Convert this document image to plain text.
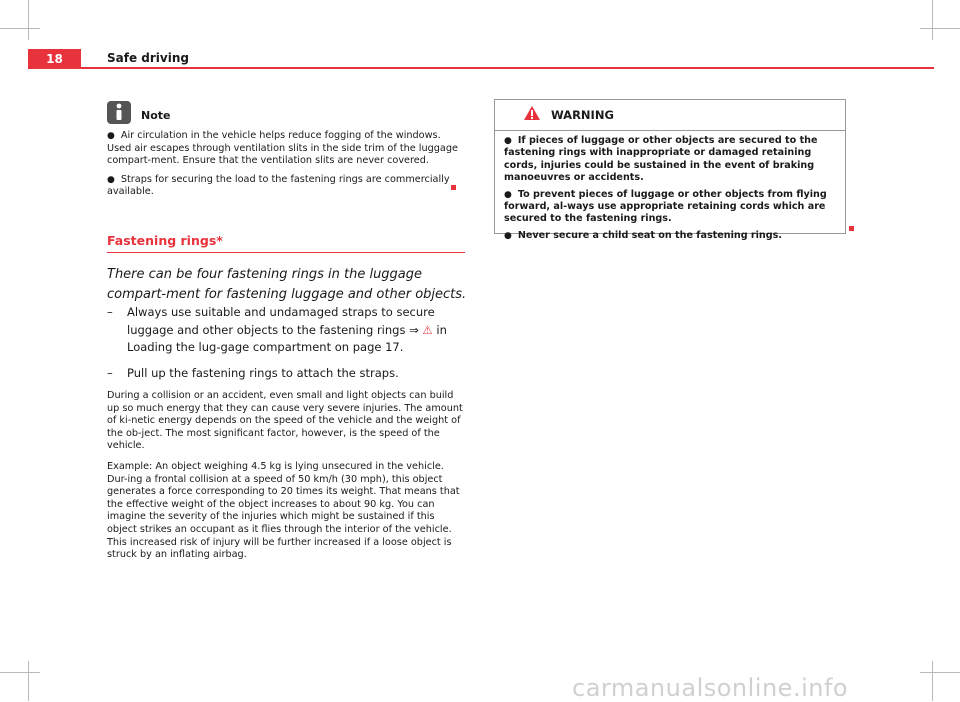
18	Safe driving
Note
● Air circulation in the vehicle helps reduce fogging of the windows. Used air escapes through ventilation slits in the side trim of the luggage compart-ment. Ensure that the ventilation slits are never covered.
● Straps for securing the load to the fastening rings are commercially available.
Fastening rings*
There can be four fastening rings in the luggage compart-ment for fastening luggage and other objects.
–	Always use suitable and undamaged straps to secure luggage and other objects to the fastening rings ⇒ ⚠ in Loading the lug-gage compartment on page 17.
–	Pull up the fastening rings to attach the straps.

During a collision or an accident, even small and light objects can build up so much energy that they can cause very severe injuries. The amount of ki-netic energy depends on the speed of the vehicle and the weight of the ob-ject. The most significant factor, however, is the speed of the vehicle.

Example: An object weighing 4.5 kg is lying unsecured in the vehicle. Dur-ing a frontal collision at a speed of 50 km/h (30 mph), this object generates a force corresponding to 20 times its weight. That means that the effective weight of the object increases to about 90 kg. You can imagine the severity of the injuries which might be sustained if this object strikes an occupant as it flies through the interior of the vehicle. This increased risk of injury will be further increased if a loose object is struck by an inflating airbag.

WARNING
● If pieces of luggage or other objects are secured to the fastening rings with inappropriate or damaged retaining cords, injuries could be sustained in the event of braking manoeuvres or accidents.
● To prevent pieces of luggage or other objects from flying forward, al-ways use appropriate retaining cords which are secured to the fastening rings.
● Never secure a child seat on the fastening rings.
carmanualsonline.info
